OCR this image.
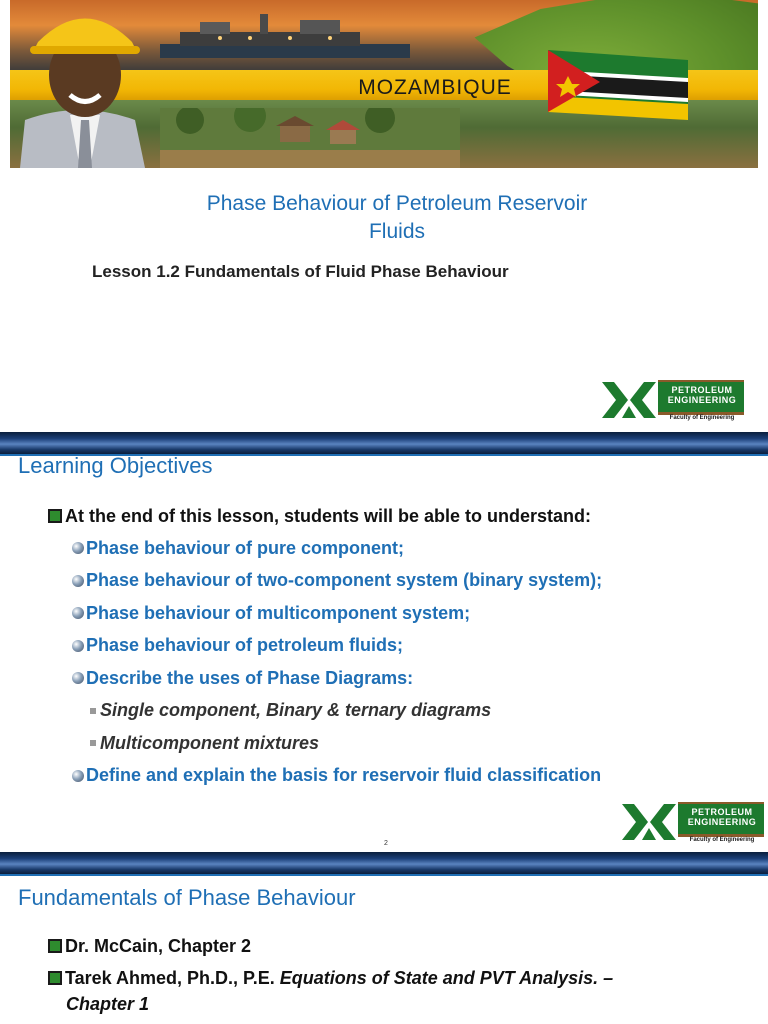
MOZAMBIQUE
Phase Behaviour of Petroleum Reservoir
Fluids
Lesson 1.2 Fundamentals of Fluid Phase Behaviour
PETROLEUM
ENGINEERING
Faculty of Engineering
Learning Objectives
At the end of this lesson, students will be able to understand:
Phase behaviour of pure component;
Phase behaviour of two-component system (binary system);
Phase behaviour of multicomponent system;
Phase behaviour of petroleum fluids;
Describe the uses of Phase Diagrams:
Single component, Binary & ternary diagrams
Multicomponent mixtures
Define and explain the basis for reservoir fluid classification
PETROLEUM
ENGINEERING
Faculty of Engineering
2
Fundamentals of Phase Behaviour
Dr. McCain, Chapter 2
Tarek Ahmed, Ph.D., P.E. Equations of State and PVT Analysis. –
Chapter 1
